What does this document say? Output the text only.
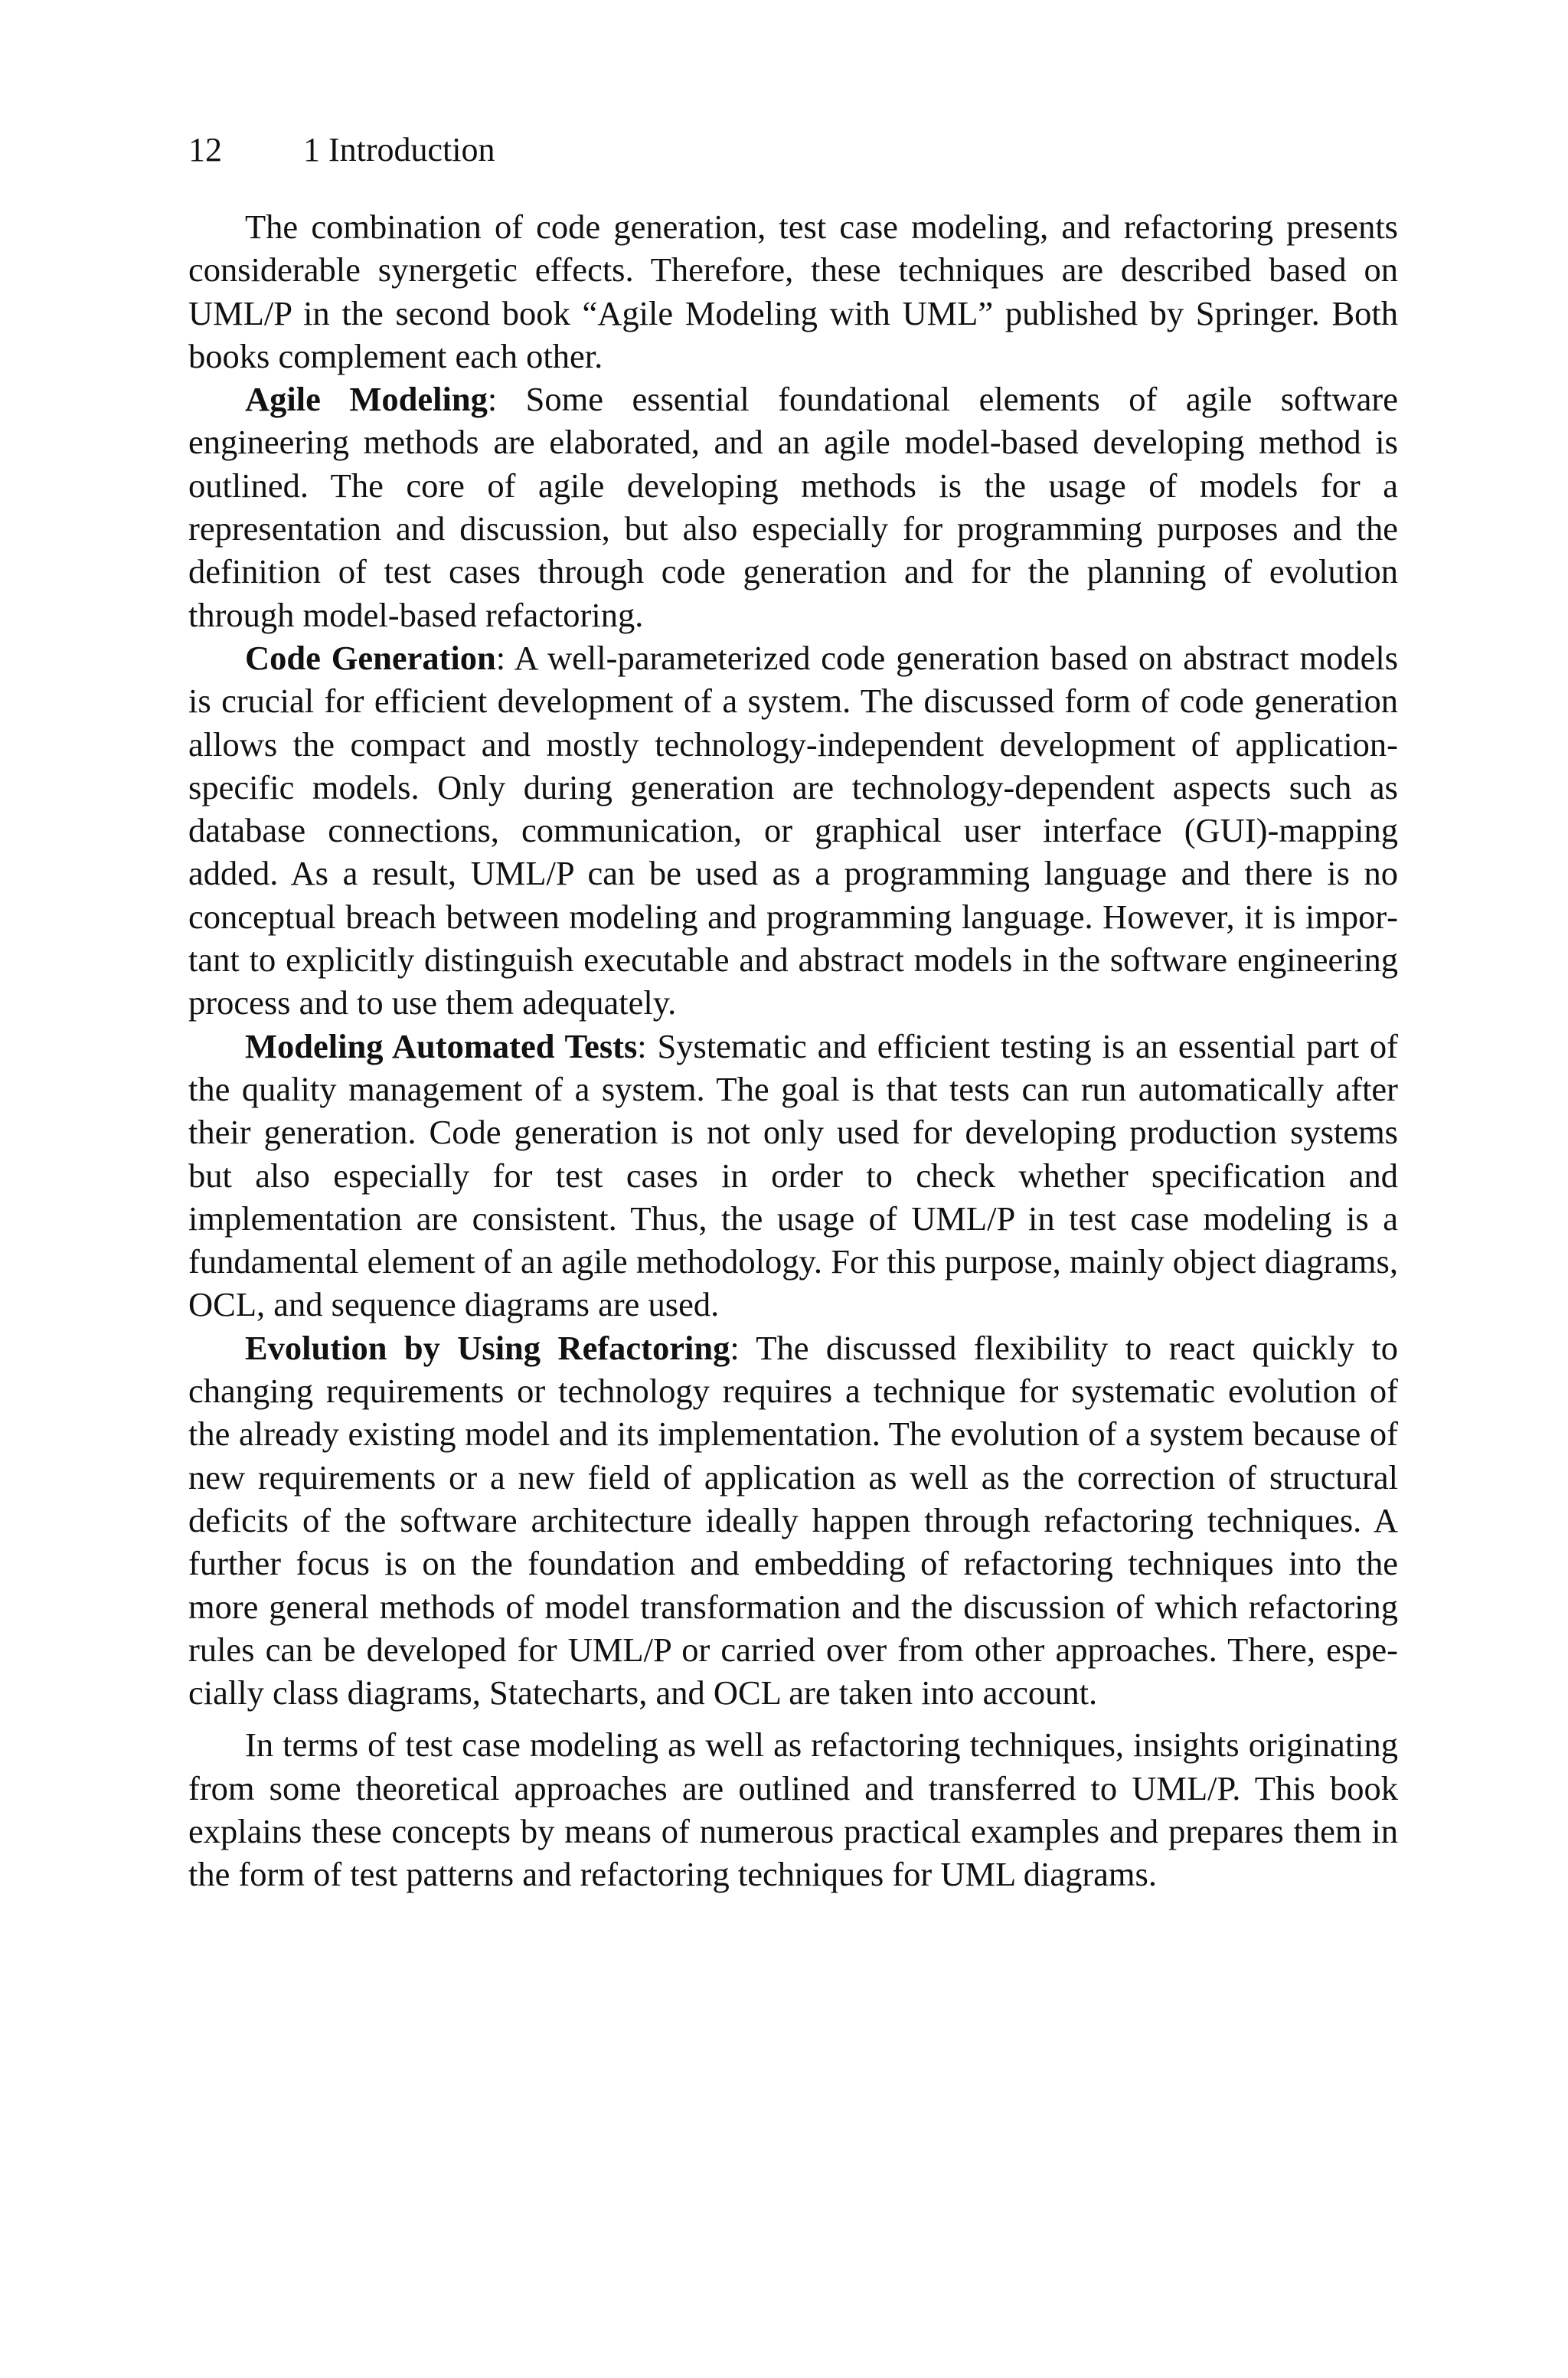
12 1 Introduction

The combination of code generation, test case modeling, and refactoring presents considerable synergetic effects. Therefore, these techniques are described based on UML/P in the second book “Agile Modeling with UML” published by Springer. Both books complement each other.

Agile Modeling: Some essential foundational elements of agile software engineering methods are elaborated, and an agile model-based developing method is outlined. The core of agile developing methods is the usage of models for a representation and discussion, but also especially for programming purposes and the definition of test cases through code generation and for the planning of evolution through model-based refactoring.

Code Generation: A well-parameterized code generation based on abstract models is crucial for efficient development of a system. The discussed form of code generation allows the compact and mostly technology-independent development of application-specific models. Only during generation are technology-dependent aspects such as database connections, communication, or graphical user interface (GUI)-mapping added. As a result, UML/P can be used as a programming language and there is no conceptual breach between modeling and programming language. However, it is important to explicitly distinguish executable and abstract models in the software engineering process and to use them adequately.

Modeling Automated Tests: Systematic and efficient testing is an essential part of the quality management of a system. The goal is that tests can run automatically after their generation. Code generation is not only used for developing production systems but also especially for test cases in order to check whether specification and implementation are consistent. Thus, the usage of UML/P in test case modeling is a fundamental element of an agile methodology. For this purpose, mainly object diagrams, OCL, and sequence diagrams are used.

Evolution by Using Refactoring: The discussed flexibility to react quickly to changing requirements or technology requires a technique for systematic evolution of the already existing model and its implementation. The evolution of a system because of new requirements or a new field of application as well as the correction of structural deficits of the software architecture ideally happen through refactoring techniques. A further focus is on the foundation and embedding of refactoring techniques into the more general methods of model transformation and the discussion of which refactoring rules can be developed for UML/P or carried over from other approaches. There, especially class diagrams, Statecharts, and OCL are taken into account.

In terms of test case modeling as well as refactoring techniques, insights originating from some theoretical approaches are outlined and transferred to UML/P. This book explains these concepts by means of numerous practical examples and prepares them in the form of test patterns and refactoring techniques for UML diagrams.
